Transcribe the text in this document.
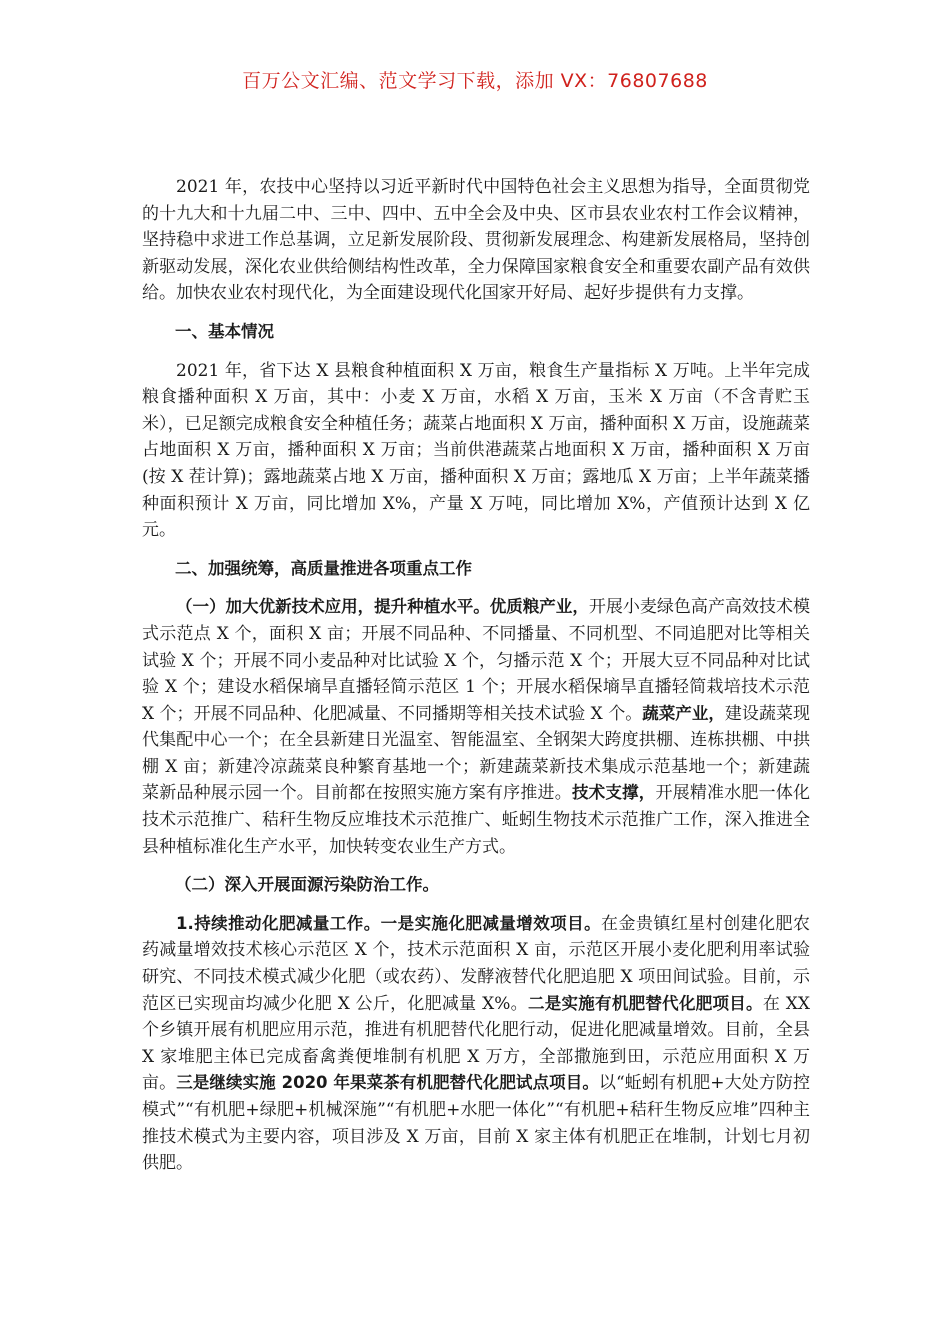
百万公文汇编、范文学习下载，添加 VX：76807688

2021 年，农技中心坚持以习近平新时代中国特色社会主义思想为指导，全面贯彻党的十九大和十九届二中、三中、四中、五中全会及中央、区市县农业农村工作会议精神，坚持稳中求进工作总基调，立足新发展阶段、贯彻新发展理念、构建新发展格局，坚持创新驱动发展，深化农业供给侧结构性改革，全力保障国家粮食安全和重要农副产品有效供给。加快农业农村现代化，为全面建设现代化国家开好局、起好步提供有力支撑。

一、基本情况

2021 年，省下达 X 县粮食种植面积 X 万亩，粮食生产量指标 X 万吨。上半年完成粮食播种面积 X 万亩，其中：小麦 X 万亩，水稻 X 万亩，玉米 X 万亩（不含青贮玉米），已足额完成粮食安全种植任务；蔬菜占地面积 X 万亩，播种面积 X 万亩，设施蔬菜占地面积 X 万亩，播种面积 X 万亩；当前供港蔬菜占地面积 X 万亩，播种面积 X 万亩(按 X 茬计算)；露地蔬菜占地 X 万亩，播种面积 X 万亩；露地瓜 X 万亩；上半年蔬菜播种面积预计 X 万亩，同比增加 X%，产量 X 万吨，同比增加 X%，产值预计达到 X 亿元。

二、加强统筹，高质量推进各项重点工作

（一）加大优新技术应用，提升种植水平。优质粮产业，开展小麦绿色高产高效技术模式示范点 X 个，面积 X 亩；开展不同品种、不同播量、不同机型、不同追肥对比等相关试验 X 个；开展不同小麦品种对比试验 X 个，匀播示范 X 个；开展大豆不同品种对比试验 X 个；建设水稻保墒旱直播轻简示范区 1 个；开展水稻保墒旱直播轻简栽培技术示范 X 个；开展不同品种、化肥减量、不同播期等相关技术试验 X 个。蔬菜产业，建设蔬菜现代集配中心一个；在全县新建日光温室、智能温室、全钢架大跨度拱棚、连栋拱棚、中拱棚 X 亩；新建冷凉蔬菜良种繁育基地一个；新建蔬菜新技术集成示范基地一个；新建蔬菜新品种展示园一个。目前都在按照实施方案有序推进。技术支撑，开展精准水肥一体化技术示范推广、秸秆生物反应堆技术示范推广、蚯蚓生物技术示范推广工作，深入推进全县种植标准化生产水平，加快转变农业生产方式。

（二）深入开展面源污染防治工作。

1.持续推动化肥减量工作。一是实施化肥减量增效项目。在金贵镇红星村创建化肥农药减量增效技术核心示范区 X 个，技术示范面积 X 亩，示范区开展小麦化肥利用率试验研究、不同技术模式减少化肥（或农药）、发酵液替代化肥追肥 X 项田间试验。目前，示范区已实现亩均减少化肥 X 公斤，化肥减量 X%。二是实施有机肥替代化肥项目。在 XX 个乡镇开展有机肥应用示范，推进有机肥替代化肥行动，促进化肥减量增效。目前，全县 X 家堆肥主体已完成畜禽粪便堆制有机肥 X 万方，全部撒施到田，示范应用面积 X 万亩。三是继续实施 2020 年果菜茶有机肥替代化肥试点项目。以“蚯蚓有机肥+大处方防控模式”“有机肥+绿肥+机械深施”“有机肥+水肥一体化”“有机肥+秸秆生物反应堆”四种主推技术模式为主要内容，项目涉及 X 万亩，目前 X 家主体有机肥正在堆制，计划七月初供肥。
